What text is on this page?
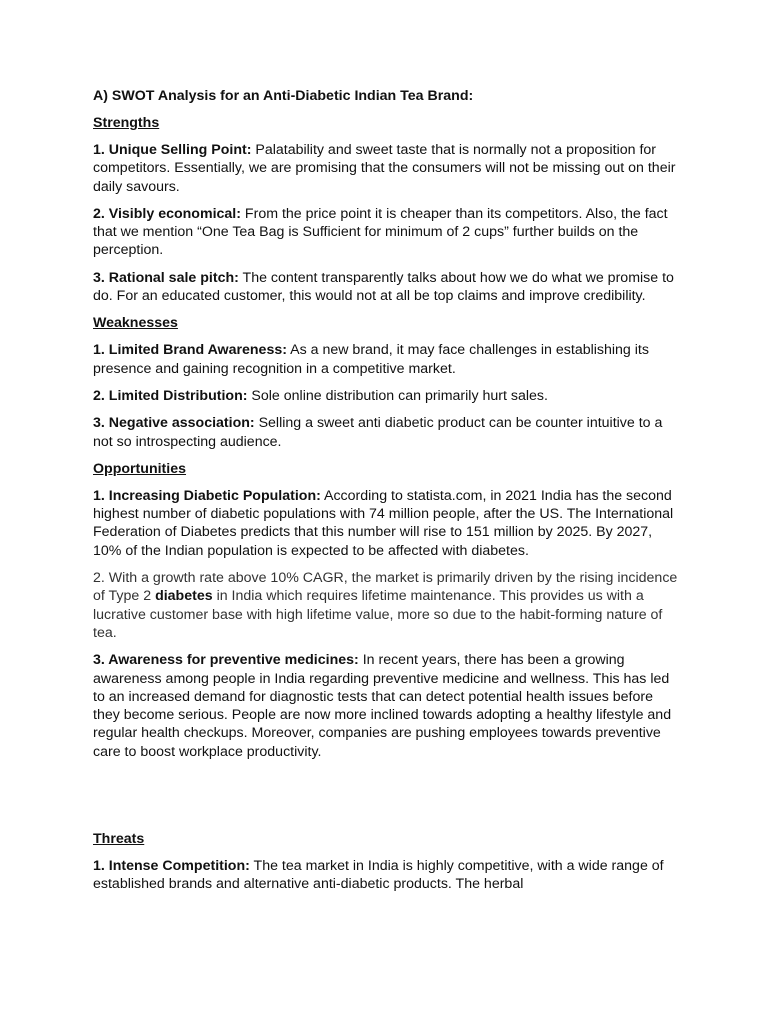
A) SWOT Analysis for an Anti-Diabetic Indian Tea Brand:
Strengths

1. Unique Selling Point: Palatability and sweet taste that is normally not a proposition for competitors. Essentially, we are promising that the consumers will not be missing out on their daily savours.

2. Visibly economical: From the price point it is cheaper than its competitors. Also, the fact that we mention “One Tea Bag is Sufficient for minimum of 2 cups” further builds on the perception.

3. Rational sale pitch: The content transparently talks about how we do what we promise to do. For an educated customer, this would not at all be top claims and improve credibility.

Weaknesses

1. Limited Brand Awareness: As a new brand, it may face challenges in establishing its presence and gaining recognition in a competitive market.

2. Limited Distribution: Sole online distribution can primarily hurt sales.

3. Negative association: Selling a sweet anti diabetic product can be counter intuitive to a not so introspecting audience.

Opportunities

1. Increasing Diabetic Population: According to statista.com, in 2021 India has the second highest number of diabetic populations with 74 million people, after the US. The International Federation of Diabetes predicts that this number will rise to 151 million by 2025. By 2027, 10% of the Indian population is expected to be affected with diabetes.

2. With a growth rate above 10% CAGR, the market is primarily driven by the rising incidence of Type 2 diabetes in India which requires lifetime maintenance. This provides us with a lucrative customer base with high lifetime value, more so due to the habit-forming nature of tea.

3. Awareness for preventive medicines: In recent years, there has been a growing awareness among people in India regarding preventive medicine and wellness. This has led to an increased demand for diagnostic tests that can detect potential health issues before they become serious. People are now more inclined towards adopting a healthy lifestyle and regular health checkups. Moreover, companies are pushing employees towards preventive care to boost workplace productivity.

Threats

1. Intense Competition: The tea market in India is highly competitive, with a wide range of established brands and alternative anti-diabetic products. The herbal
